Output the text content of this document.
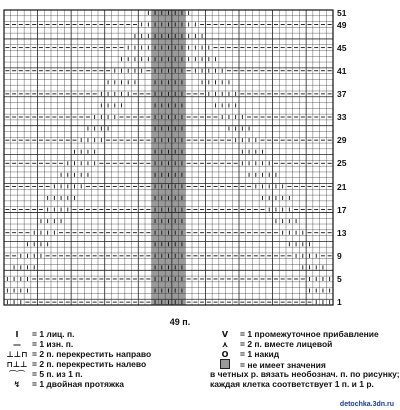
51
49
45
41
37
33
29
25
21
17
13
9
5
1
49 п.
I = 1 лиц. п.
— = 1 изн. п.
⊥⊥⊓ = 2 п. перекрестить направо
⊓⊥⊥ = 2 п. перекрестить налево
⌒⌒ = 5 п. из 1 п.
↯ = 1 двойная протяжка
V = 1 промежуточное прибавление
⋏ = 2 п. вместе лицевой
O = 1 накид
= не имеет значения
в четных р. вязать необознач. п. по рисунку;
каждая клетка соответствует 1 п. и 1 р.
detochka.3dn.ru
